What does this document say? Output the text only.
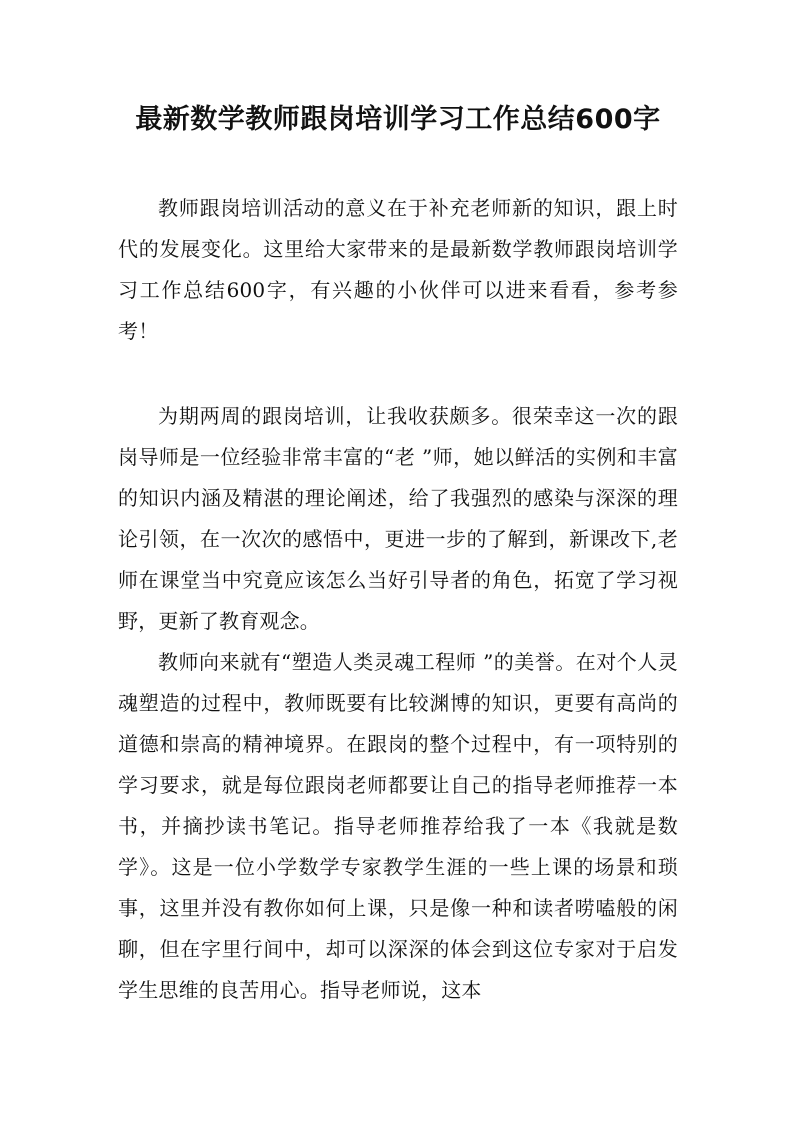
最新数学教师跟岗培训学习工作总结600字

教师跟岗培训活动的意义在于补充老师新的知识，跟上时代的发展变化。这里给大家带来的是最新数学教师跟岗培训学习工作总结600字，有兴趣的小伙伴可以进来看看，参考参考！

为期两周的跟岗培训，让我收获颇多。很荣幸这一次的跟岗导师是一位经验非常丰富的“老 ”师，她以鲜活的实例和丰富的知识内涵及精湛的理论阐述，给了我强烈的感染与深深的理论引领，在一次次的感悟中，更进一步的了解到，新课改下,老师在课堂当中究竟应该怎么当好引导者的角色，拓宽了学习视野，更新了教育观念。

教师向来就有“塑造人类灵魂工程师 ”的美誉。在对个人灵魂塑造的过程中，教师既要有比较渊博的知识，更要有高尚的道德和崇高的精神境界。在跟岗的整个过程中，有一项特别的学习要求，就是每位跟岗老师都要让自己的指导老师推荐一本书，并摘抄读书笔记。指导老师推荐给我了一本《我就是数学》。这是一位小学数学专家教学生涯的一些上课的场景和琐事，这里并没有教你如何上课，只是像一种和读者唠嗑般的闲聊，但在字里行间中，却可以深深的体会到这位专家对于启发学生思维的良苦用心。指导老师说，这本
